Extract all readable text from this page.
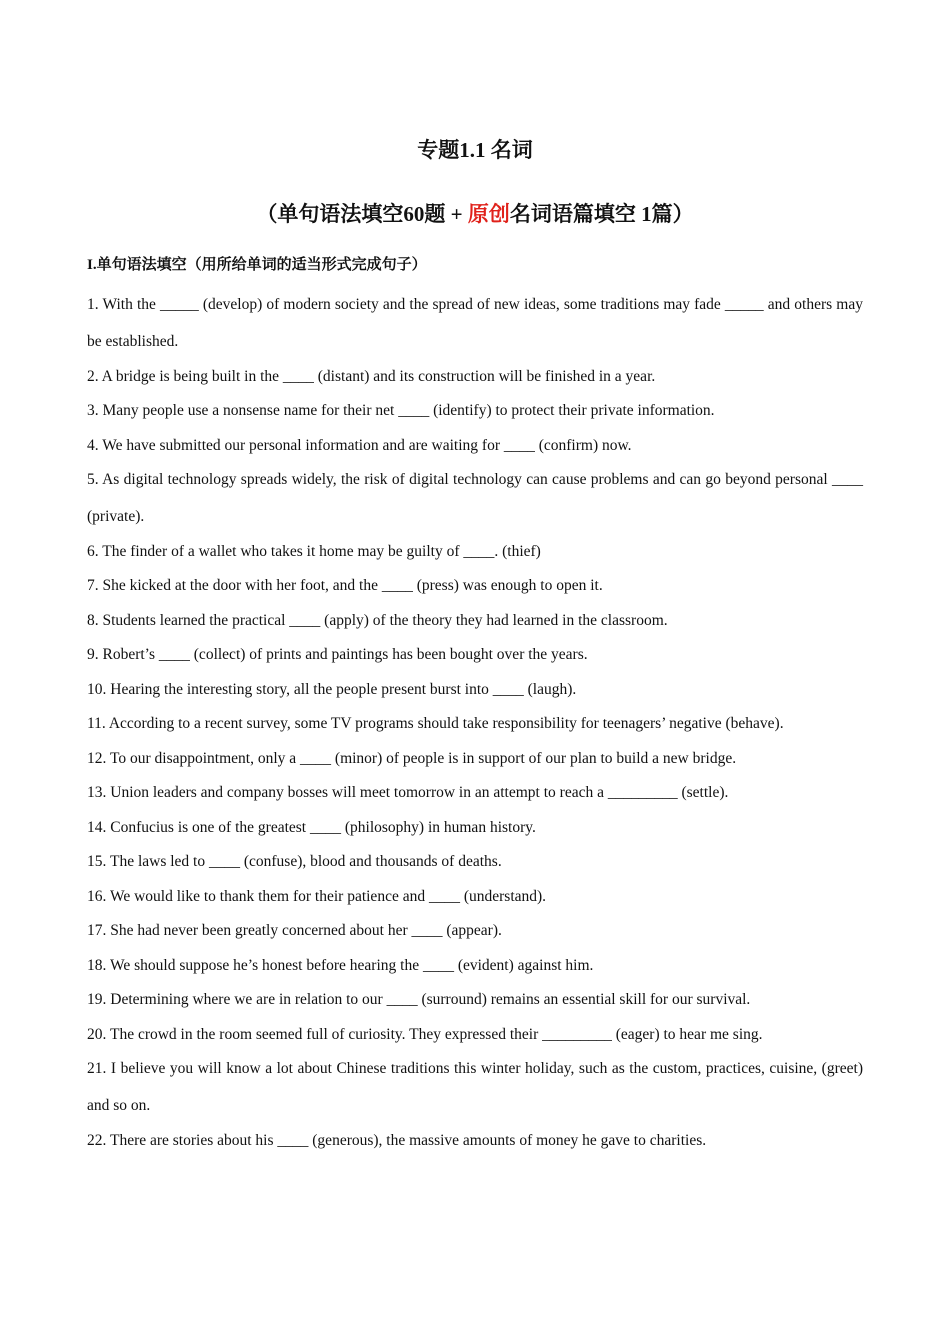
专题1.1 名词
（单句语法填空60题 + 原创名词语篇填空 1篇）
I.单句语法填空（用所给单词的适当形式完成句子）

1. With the _____ (develop) of modern society and the spread of new ideas, some traditions may fade _____ and others may be established.

2. A bridge is being built in the ____ (distant) and its construction will be finished in a year.

3. Many people use a nonsense name for their net ____ (identify) to protect their private information.

4. We have submitted our personal information and are waiting for ____ (confirm) now.

5. As digital technology spreads widely, the risk of digital technology can cause problems and can go beyond personal ____ (private).

6. The finder of a wallet who takes it home may be guilty of ____. (thief)

7. She kicked at the door with her foot, and the ____ (press) was enough to open it.

8. Students learned the practical ____ (apply) of the theory they had learned in the classroom.

9. Robert’s ____ (collect) of prints and paintings has been bought over the years.

10. Hearing the interesting story, all the people present burst into ____ (laugh).

11. According to a recent survey, some TV programs should take responsibility for teenagers’ negative (behave).

12. To our disappointment, only a ____ (minor) of people is in support of our plan to build a new bridge.

13. Union leaders and company bosses will meet tomorrow in an attempt to reach a _________ (settle).

14. Confucius is one of the greatest ____ (philosophy) in human history.

15. The laws led to ____ (confuse), blood and thousands of deaths.

16. We would like to thank them for their patience and ____ (understand).

17. She had never been greatly concerned about her ____ (appear).

18. We should suppose he’s honest before hearing the ____ (evident) against him.

19. Determining where we are in relation to our ____ (surround) remains an essential skill for our survival.

20. The crowd in the room seemed full of curiosity. They expressed their _________ (eager) to hear me sing.

21. I believe you will know a lot about Chinese traditions this winter holiday, such as the custom, practices, cuisine, (greet) and so on.

22. There are stories about his ____ (generous), the massive amounts of money he gave to charities.
